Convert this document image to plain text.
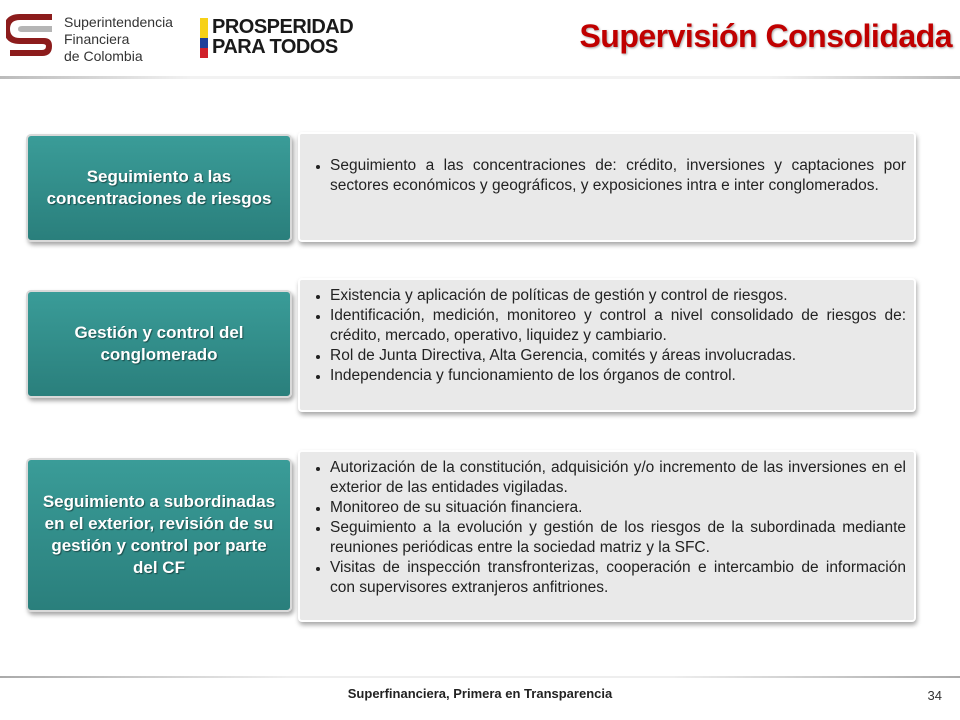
Superintendencia
Financiera
de Colombia
PROSPERIDAD
PARA TODOS	Supervisión Consolidada
Seguimiento a las concentraciones de riesgos
• Seguimiento a las concentraciones de: crédito, inversiones y captaciones por sectores económicos y geográficos, y exposiciones intra e inter conglomerados.
Gestión y control del conglomerado
• Existencia y aplicación de políticas de gestión y control de riesgos.
• Identificación, medición, monitoreo y control a nivel consolidado de riesgos de: crédito, mercado, operativo, liquidez y cambiario.
• Rol de Junta Directiva, Alta Gerencia, comités y áreas involucradas.
• Independencia y funcionamiento de los órganos de control.
Seguimiento a subordinadas en el exterior, revisión de su gestión y control por parte del CF
• Autorización de la constitución, adquisición y/o incremento de las inversiones en el exterior de las entidades vigiladas.
• Monitoreo de su situación financiera.
• Seguimiento a la evolución y gestión de los riesgos de la subordinada mediante reuniones periódicas entre la sociedad matriz y la SFC.
• Visitas de inspección transfronterizas, cooperación e intercambio de información con supervisores extranjeros anfitriones.
Superfinanciera, Primera en Transparencia	34
